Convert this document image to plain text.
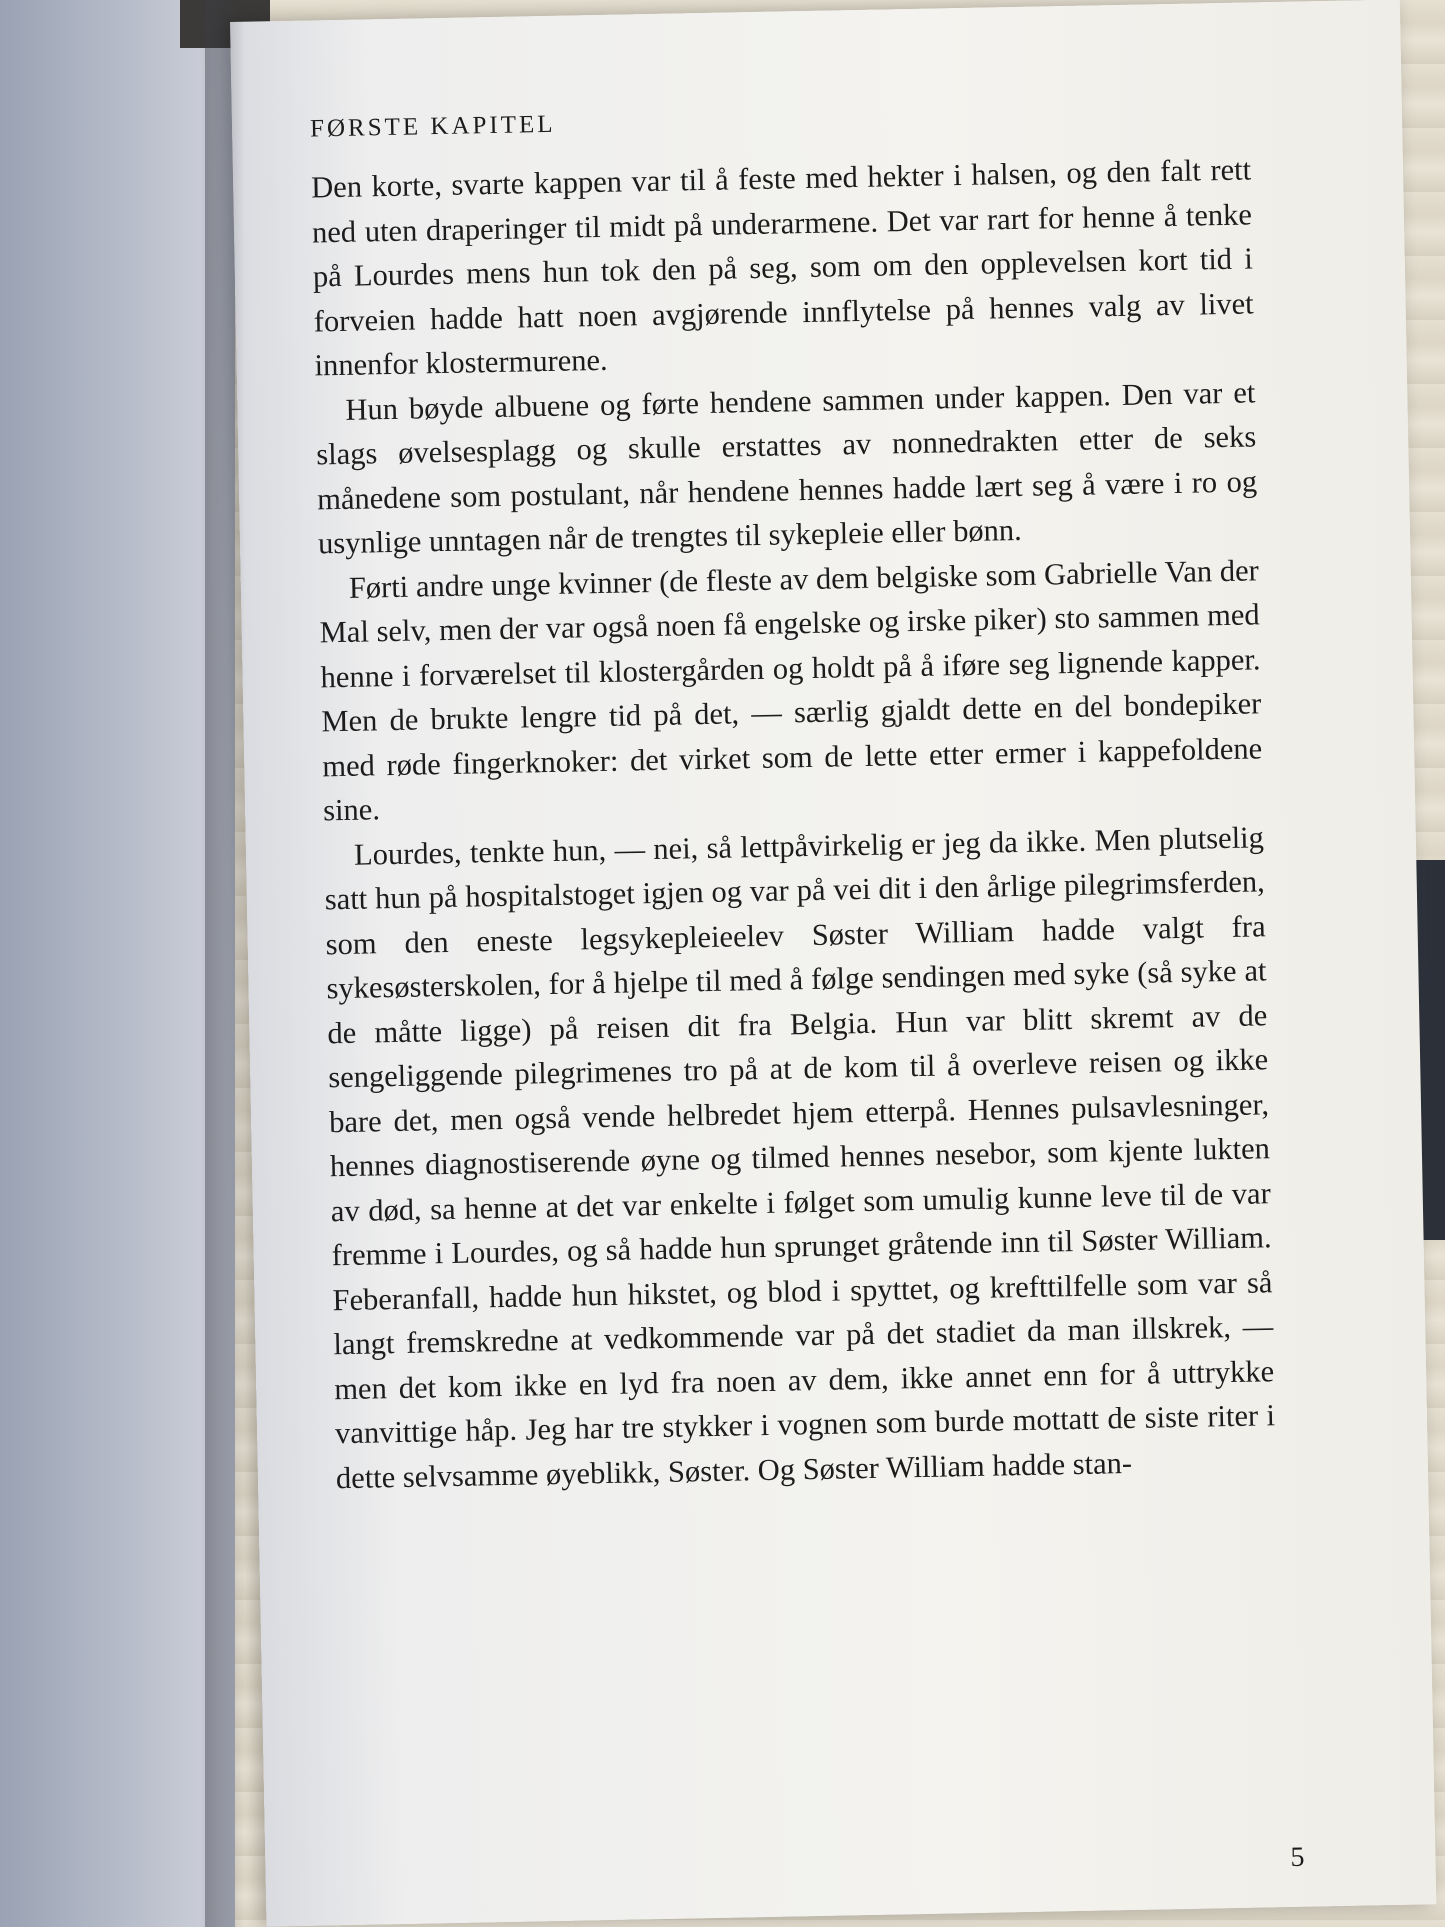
FØRSTE KAPITEL

Den korte, svarte kappen var til å feste med hekter i halsen, og den falt rett ned uten draperinger til midt på underarmene. Det var rart for henne å tenke på Lourdes mens hun tok den på seg, som om den opplevelsen kort tid i forveien hadde hatt noen avgjørende innflytelse på hennes valg av livet innenfor klostermurene.

Hun bøyde albuene og førte hendene sammen under kappen. Den var et slags øvelsesplagg og skulle erstattes av nonnedrakten etter de seks månedene som postulant, når hendene hennes hadde lært seg å være i ro og usynlige unntagen når de trengtes til sykepleie eller bønn.

Førti andre unge kvinner (de fleste av dem belgiske som Gabrielle Van der Mal selv, men der var også noen få engelske og irske piker) sto sammen med henne i forværelset til klostergården og holdt på å iføre seg lignende kapper. Men de brukte lengre tid på det, — særlig gjaldt dette en del bondepiker med røde fingerknoker: det virket som de lette etter ermer i kappefoldene sine.

Lourdes, tenkte hun, — nei, så lettpåvirkelig er jeg da ikke. Men plutselig satt hun på hospitalstoget igjen og var på vei dit i den årlige pilegrimsferden, som den eneste legsykepleieelev Søster William hadde valgt fra sykesøsterskolen, for å hjelpe til med å følge sendingen med syke (så syke at de måtte ligge) på reisen dit fra Belgia. Hun var blitt skremt av de sengeliggende pilegrimenes tro på at de kom til å overleve reisen og ikke bare det, men også vende helbredet hjem etterpå. Hennes pulsavlesninger, hennes diagnostiserende øyne og tilmed hennes nesebor, som kjente lukten av død, sa henne at det var enkelte i følget som umulig kunne leve til de var fremme i Lourdes, og så hadde hun sprunget gråtende inn til Søster William. Feberanfall, hadde hun hikstet, og blod i spyttet, og krefttilfelle som var så langt fremskredne at vedkommende var på det stadiet da man illskrek, — men det kom ikke en lyd fra noen av dem, ikke annet enn for å uttrykke vanvittige håp. Jeg har tre stykker i vognen som burde mottatt de siste riter i dette selvsamme øyeblikk, Søster. Og Søster William hadde stan-

5
